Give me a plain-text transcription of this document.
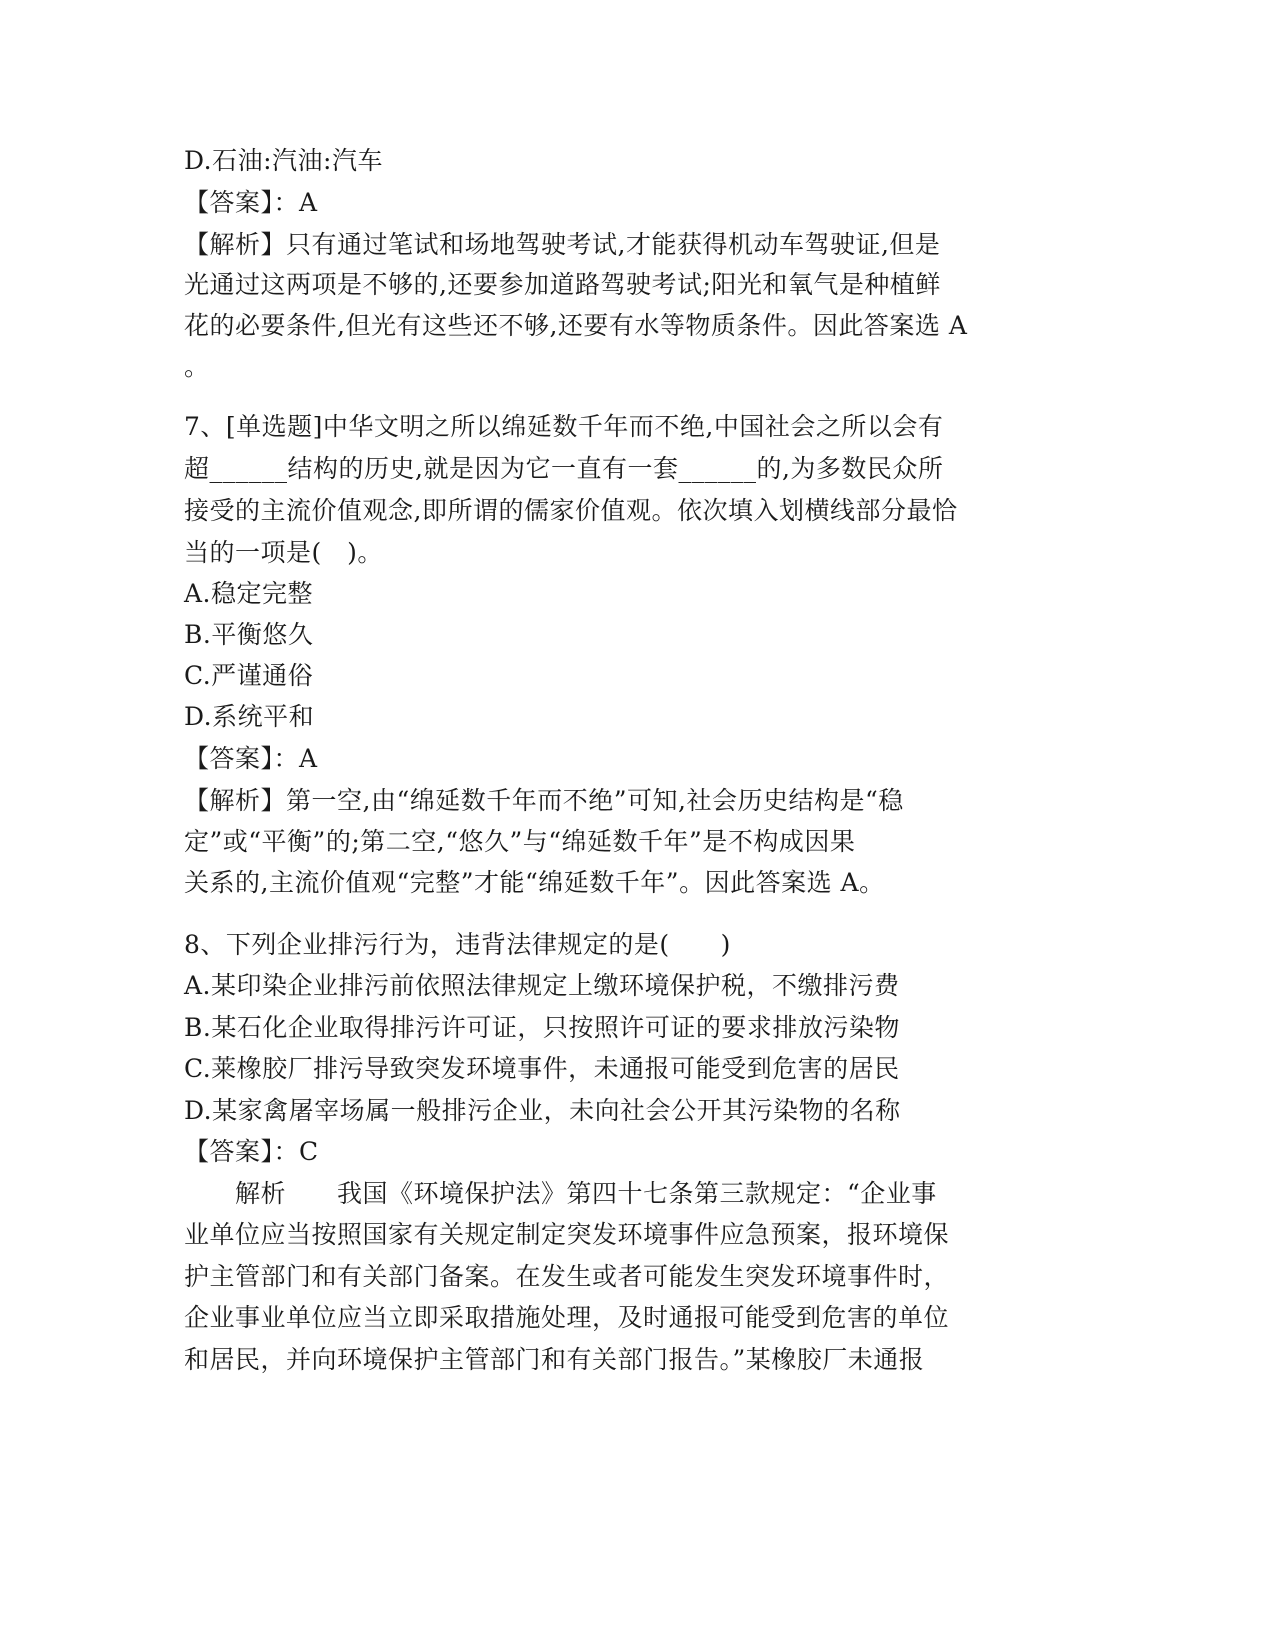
D.石油:汽油:汽车
【答案】：A
【解析】只有通过笔试和场地驾驶考试,才能获得机动车驾驶证,但是
光通过这两项是不够的,还要参加道路驾驶考试;阳光和氧气是种植鲜
花的必要条件,但光有这些还不够,还要有水等物质条件。因此答案选 A
。
7、[单选题]中华文明之所以绵延数千年而不绝,中国社会之所以会有
超______结构的历史,就是因为它一直有一套______的,为多数民众所
接受的主流价值观念,即所谓的儒家价值观。依次填入划横线部分最恰
当的一项是(   )。
A.稳定完整
B.平衡悠久
C.严谨通俗
D.系统平和
【答案】：A
【解析】第一空,由“绵延数千年而不绝”可知,社会历史结构是“稳
定”或“平衡”的;第二空,“悠久”与“绵延数千年”是不构成因果
关系的,主流价值观“完整”才能“绵延数千年”。因此答案选 A。
8、下列企业排污行为，违背法律规定的是(　　)
A.某印染企业排污前依照法律规定上缴环境保护税，不缴排污费
B.某石化企业取得排污许可证，只按照许可证的要求排放污染物
C.莱橡胶厂排污导致突发环境事件，未通报可能受到危害的居民
D.某家禽屠宰场属一般排污企业，未向社会公开其污染物的名称
【答案】：C
　　解析　　我国《环境保护法》第四十七条第三款规定：“企业事
业单位应当按照国家有关规定制定突发环境事件应急预案，报环境保
护主管部门和有关部门备案。在发生或者可能发生突发环境事件时，
企业事业单位应当立即采取措施处理，及时通报可能受到危害的单位
和居民，并向环境保护主管部门和有关部门报告。”某橡胶厂未通报
